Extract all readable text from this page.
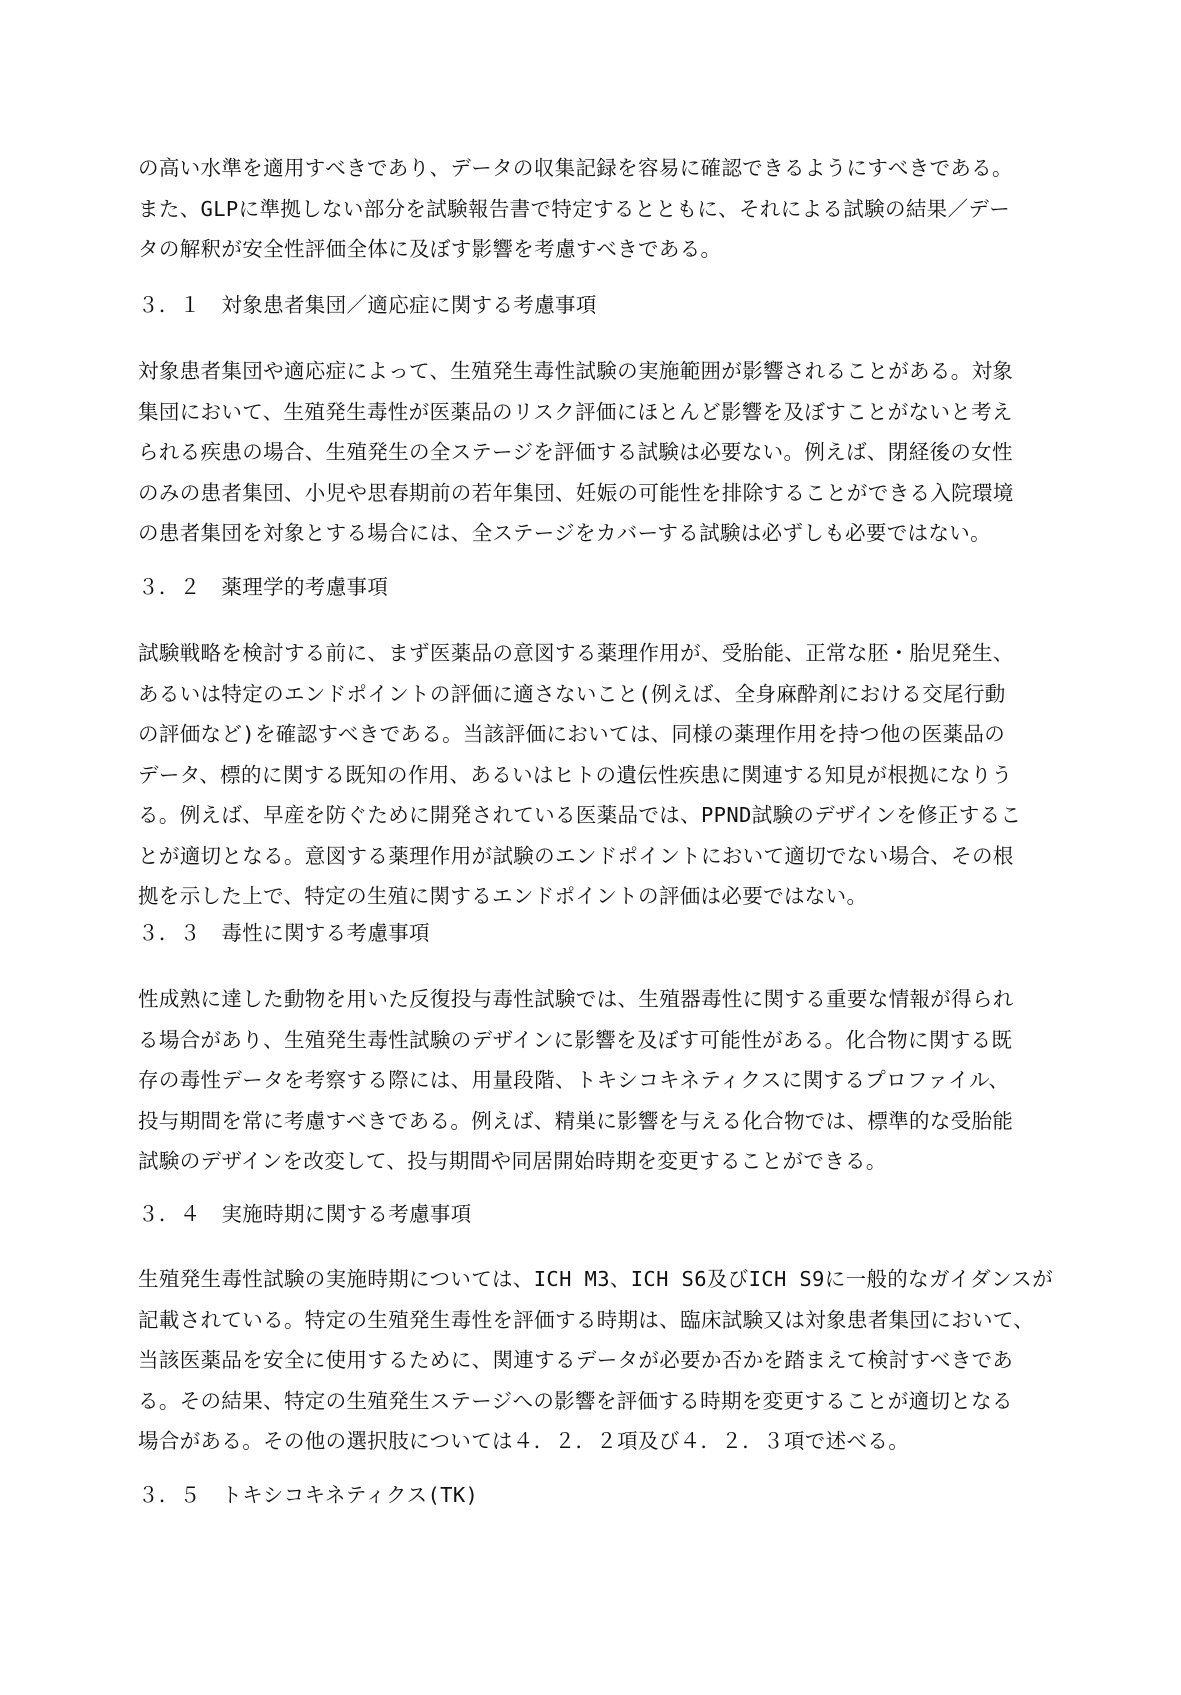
の高い水準を適用すべきであり、データの収集記録を容易に確認できるようにすべきである。
また、GLPに準拠しない部分を試験報告書で特定するとともに、それによる試験の結果／デー
タの解釈が安全性評価全体に及ぼす影響を考慮すべきである。

３．１　対象患者集団／適応症に関する考慮事項

対象患者集団や適応症によって、生殖発生毒性試験の実施範囲が影響されることがある。対象
集団において、生殖発生毒性が医薬品のリスク評価にほとんど影響を及ぼすことがないと考え
られる疾患の場合、生殖発生の全ステージを評価する試験は必要ない。例えば、閉経後の女性
のみの患者集団、小児や思春期前の若年集団、妊娠の可能性を排除することができる入院環境
の患者集団を対象とする場合には、全ステージをカバーする試験は必ずしも必要ではない。

３．２　薬理学的考慮事項

試験戦略を検討する前に、まず医薬品の意図する薬理作用が、受胎能、正常な胚・胎児発生、
あるいは特定のエンドポイントの評価に適さないこと(例えば、全身麻酔剤における交尾行動
の評価など)を確認すべきである。当該評価においては、同様の薬理作用を持つ他の医薬品の
データ、標的に関する既知の作用、あるいはヒトの遺伝性疾患に関連する知見が根拠になりう
る。例えば、早産を防ぐために開発されている医薬品では、PPND試験のデザインを修正するこ
とが適切となる。意図する薬理作用が試験のエンドポイントにおいて適切でない場合、その根
拠を示した上で、特定の生殖に関するエンドポイントの評価は必要ではない。

３．３　毒性に関する考慮事項

性成熟に達した動物を用いた反復投与毒性試験では、生殖器毒性に関する重要な情報が得られ
る場合があり、生殖発生毒性試験のデザインに影響を及ぼす可能性がある。化合物に関する既
存の毒性データを考察する際には、用量段階、トキシコキネティクスに関するプロファイル、
投与期間を常に考慮すべきである。例えば、精巣に影響を与える化合物では、標準的な受胎能
試験のデザインを改変して、投与期間や同居開始時期を変更することができる。

３．４　実施時期に関する考慮事項

生殖発生毒性試験の実施時期については、ICH M3、ICH S6及びICH S9に一般的なガイダンスが
記載されている。特定の生殖発生毒性を評価する時期は、臨床試験又は対象患者集団において、
当該医薬品を安全に使用するために、関連するデータが必要か否かを踏まえて検討すべきであ
る。その結果、特定の生殖発生ステージへの影響を評価する時期を変更することが適切となる
場合がある。その他の選択肢については４．２．２項及び４．２．３項で述べる。

３．５　トキシコキネティクス(TK)
